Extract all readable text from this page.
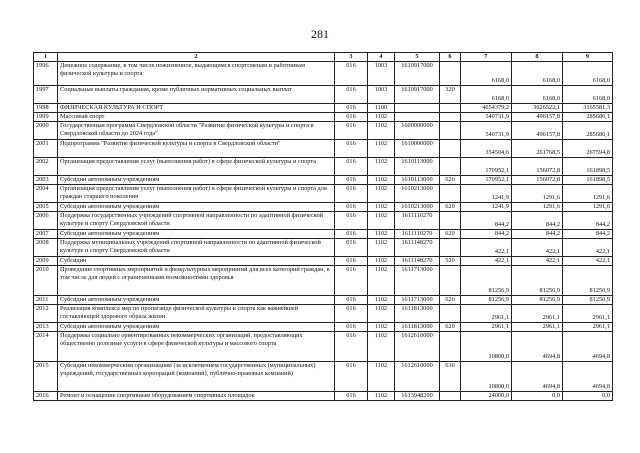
281
1	2	3	4	5	6	7	8	9
1996	Денежное содержание, в том числе пожизненное, выдающимся спортсменам и работникам физической культуры и спорта	016	1003	1610917000		6168,0	6168,0	6168,0
1997	Социальные выплаты гражданам, кроме публичных нормативных социальных выплат	016	1003	1610917000	320	6168,0	6168,0	6168,0
1998	ФИЗИЧЕСКАЯ КУЛЬТУРА И СПОРТ	016	1100			4654379,2	3626522,1	3165581,3
1999	Массовый спорт	016	1102			540731,9	496157,8	285686,1
2000	Государственная программа Свердловской области "Развитие физической культуры и спорта в Свердловской области до 2024 года"	016	1102	1600000000		540731,9	496157,8	285686,1
2001	Подпрограмма "Развитие физической культуры и спорта в Свердловской области"	016	1102	1610000000		354504,6	261768,5	267594,8
2002	Организация предоставления услуг (выполнения работ) в сфере физической культуры и спорта	016	1102	1610113000		170952,1	156072,8	161898,5
2003	Субсидии автономным учреждениям	016	1102	1610113000	620	170952,1	156072,8	161898,5
2004	Организация предоставления услуг (выполнения работ) в сфере физической культуры и спорта для граждан старшего поколения	016	1102	1610213000		1241,9	1291,6	1291,6
2005	Субсидии автономным учреждениям	016	1102	1610213000	620	1241,9	1291,6	1291,6
2006	Поддержка государственных учреждений спортивной направленности по адаптивной физической культуре и спорту Свердловской области	016	1102	1611110270		844,2	844,2	844,2
2007	Субсидии автономным учреждениям	016	1102	1611110270	620	844,2	844,2	844,2
2008	Поддержка муниципальных учреждений спортивной направленности по адаптивной физической культуре и спорту Свердловской области	016	1102	1611148270		422,1	422,1	422,1
2009	Субсидии	016	1102	1611148270	520	422,1	422,1	422,1
2010	Проведение спортивных мероприятий и физкультурных мероприятий для всех категорий граждан, в том числе для людей с ограниченными возможностями здоровья	016	1102	1611713000		81256,9	81256,9	81256,9
2011	Субсидии автономным учреждениям	016	1102	1611713000	620	81256,9	81256,9	81256,9
2012	Реализация комплекса мер по пропаганде физической культуры и спорта как важнейшей составляющей здорового образа жизни	016	1102	1611813000		2961,1	2961,1	2961,1
2013	Субсидии автономным учреждениям	016	1102	1611813000	620	2961,1	2961,1	2961,1
2014	Поддержка социально ориентированных некоммерческих организаций, предоставляющих общественно полезные услуги в сфере физической культуры и массового спорта	016	1102	1612610000		10800,0	4694,8	4694,8
2015	Субсидии некоммерческим организациям (за исключением государственных (муниципальных) учреждений, государственных корпораций (компаний), публично-правовых компаний)	016	1102	1612610000	630	10800,0	4694,8	4694,8
2016	Ремонт и оснащение спортивным оборудованием спортивных площадок	016	1102	1613948200		24000,0	0,0	0,0
